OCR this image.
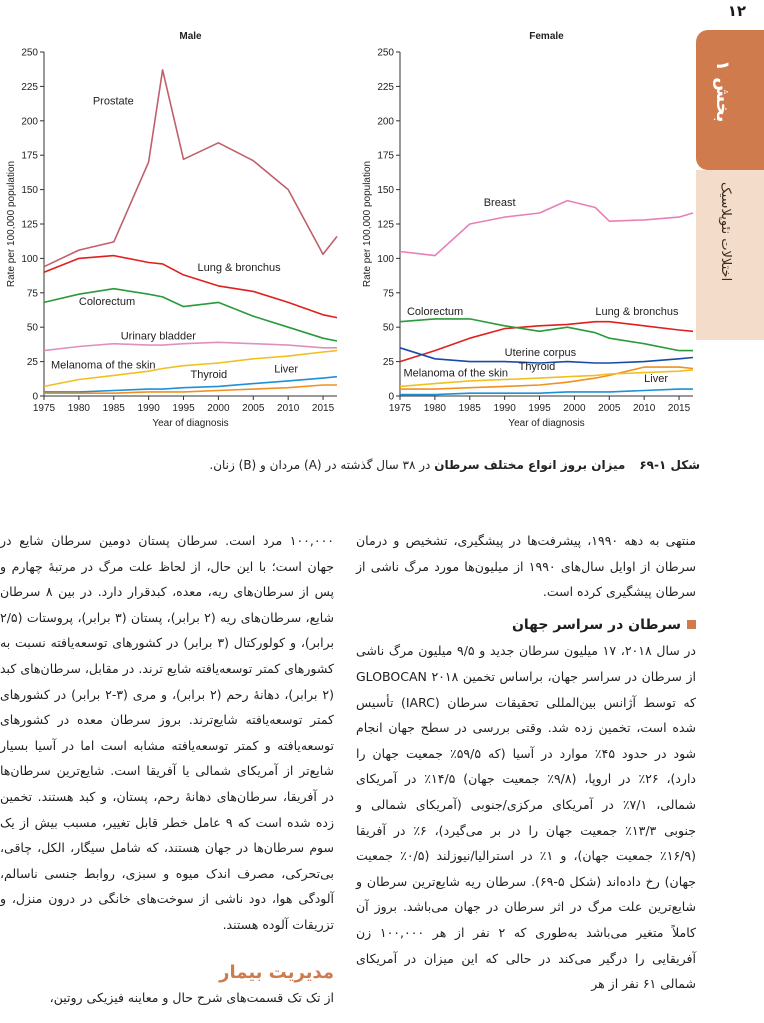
۱۲
بخش ۱
اختلالات نئوپلاسیک
Male
0
25
50
75
100
125
150
175
200
225
250
1975 1980 1985 1990 1995 2000 2005 2010 2015
Year of diagnosis
Rate per 100,000 population
Prostate
Lung & bronchus
Colorectum
Urinary bladder
Melanoma of the skin	Liver
Thyroid
Female
0
25
50
75
100
125
150
175
200
225
250
1975 1980 1985 1990 1995 2000 2005 2010 2015
Year of diagnosis
Rate per 100,000 population	Breast
Lung & bronchus
Colorectum
Uterine corpus
Thyroid
Melanoma of the skin	Liver
شکل ۱-۶۹میزان بروز انواع مختلف سرطان در ۳۸ سال گذشته در (A) مردان و (B) زنان.

منتهی به دهه ۱۹۹۰، پیشرفت‌ها در پیشگیری، تشخیص و درمان سرطان از اوایل سال‌های ۱۹۹۰ از میلیون‌ها مورد مرگ ناشی از سرطان پیشگیری کرده است.

سرطان در سراسر جهان

در سال ۲۰۱۸، ۱۷ میلیون سرطان جدید و ۹/۵ میلیون مرگ ناشی از سرطان در سراسر جهان، براساس تخمین GLOBOCAN ۲۰۱۸ که توسط آژانس بین‌المللی تحقیقات سرطان (IARC) تأسیس شده است، تخمین زده شد. وقتی بررسی در سطح جهان انجام شود در حدود ۴۵٪ موارد در آسیا (که ۵۹/۵٪ جمعیت جهان را دارد)، ۲۶٪ در اروپا، (۹/۸٪ جمعیت جهان) ۱۴/۵٪ در آمریکای شمالی، ۷/۱٪ در آمریکای مرکزی/جنوبی (آمریکای شمالی و جنوبی ۱۳/۳٪ جمعیت جهان را در بر می‌گیرد)، ۶٪ در آفریقا (۱۶/۹٪ جمعیت جهان)، و ۱٪ در استرالیا/نیوزلند (۰/۵٪ جمعیت جهان) رخ داده‌اند (شکل ۵-۶۹). سرطان ریه شایع‌ترین سرطان و شایع‌ترین علت مرگ در اثر سرطان در جهان می‌باشد. بروز آن کاملاً متغیر می‌باشد به‌طوری که ۲ نفر از هر ۱۰۰,۰۰۰ زن آفریقایی را درگیر می‌کند در حالی که این میزان در آمریکای شمالی ۶۱ نفر از هر

۱۰۰,۰۰۰ مرد است. سرطان پستان دومین سرطان شایع در جهان است؛ با این حال، از لحاظ علت مرگ در مرتبهٔ چهارم و پس از سرطان‌های ریه، معده، کبدقرار دارد. در بین ۸ سرطان شایع، سرطان‌های ریه (۲ برابر)، پستان (۳ برابر)، پروستات (۲/۵ برابر)، و کولورکتال (۳ برابر) در کشورهای توسعه‌یافته نسبت به کشورهای کمتر توسعه‌یافته شایع ترند. در مقابل، سرطان‌های کبد (۲ برابر)، دهانهٔ رحم (۲ برابر)، و مری (۳-۲ برابر) در کشورهای کمتر توسعه‌یافته شایع‌ترند. بروز سرطان معده در کشورهای توسعه‌یافته و کمتر توسعه‌یافته مشابه است اما در آسیا بسیار شایع‌تر از آمریکای شمالی یا آفریقا است. شایع‌ترین سرطان‌ها در آفریقا، سرطان‌های دهانهٔ رحم، پستان، و کبد هستند. تخمین زده شده است که ۹ عامل خطر قابل تغییر، مسبب بیش از یک سوم سرطان‌ها در جهان هستند، که شامل سیگار، الکل، چاقی، بی‌تحرکی، مصرف اندک میوه و سبزی، روابط جنسی ناسالم، آلودگی هوا، دود ناشی از سوخت‌های خانگی در درون منزل، و تزریقات آلوده هستند.

مدیریت بیمار

از تک تک قسمت‌های شرح حال و معاینه فیزیکی روتین،
